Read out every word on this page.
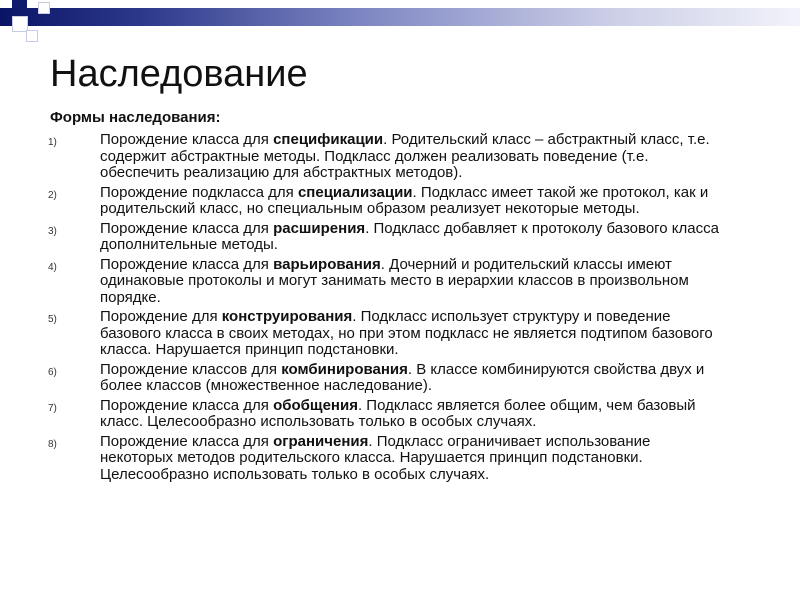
Наследование
Формы наследования:
1)	Порождение класса для спецификации. Родительский класс – абстрактный класс, т.е. содержит абстрактные методы. Подкласс должен реализовать поведение (т.е. обеспечить реализацию для абстрактных методов).
2)	Порождение подкласса для специализации. Подкласс имеет такой же протокол, как и родительский класс, но специальным образом реализует некоторые методы.
3)	Порождение класса для расширения. Подкласс добавляет к протоколу базового класса дополнительные методы.
4)	Порождение класса для варьирования. Дочерний и родительский классы имеют одинаковые протоколы и могут занимать место в иерархии классов в произвольном порядке.
5)	Порождение для конструирования. Подкласс использует структуру и поведение базового класса в своих методах, но при этом подкласс не является подтипом базового класса. Нарушается принцип подстановки.
6)	Порождение классов для комбинирования. В классе комбинируются свойства двух и более классов (множественное наследование).
7)	Порождение класса для обобщения. Подкласс является более общим, чем базовый класс. Целесообразно использовать только в особых случаях.
8)	Порождение класса для ограничения. Подкласс ограничивает использование некоторых методов родительского класса. Нарушается принцип подстановки. Целесообразно использовать только в особых случаях.
